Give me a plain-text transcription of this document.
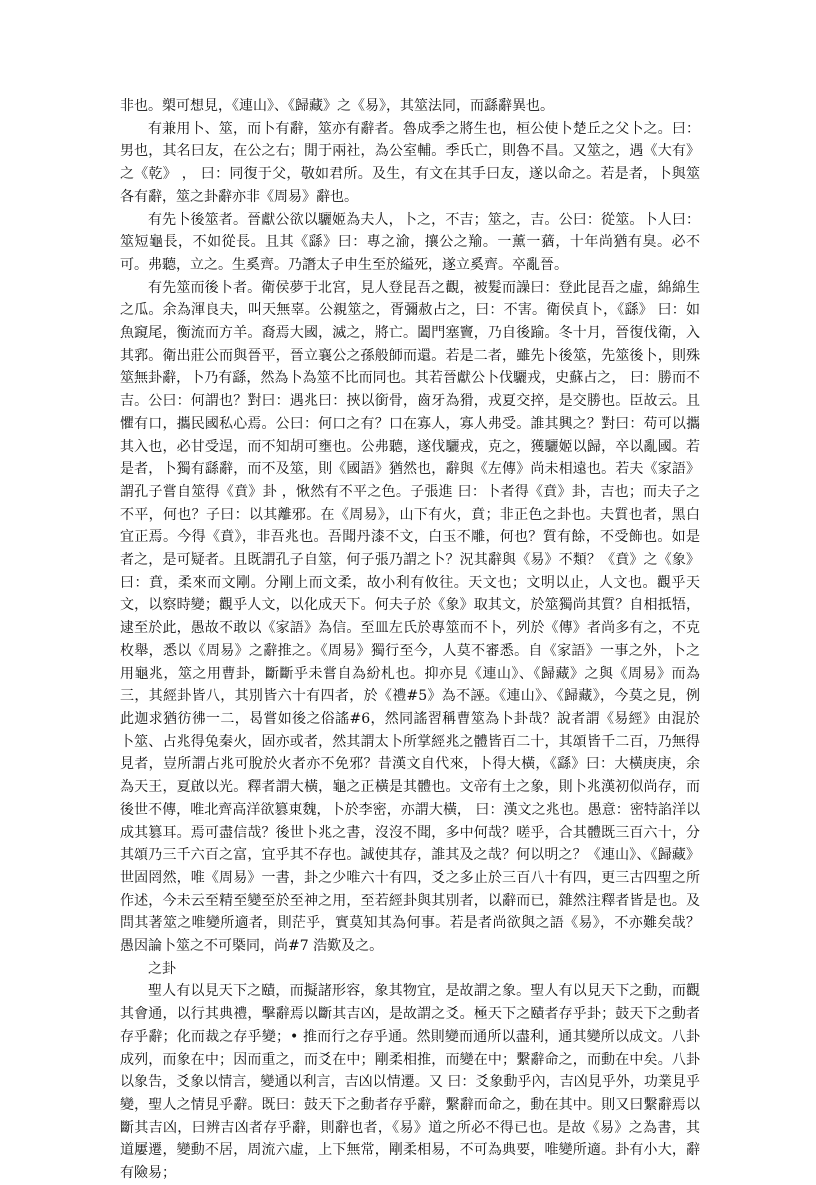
非也。槊可想見，《連山》、《歸藏》之《易》，其筮法同，而繇辭異也。

有兼用卜、筮，而卜有辭，筮亦有辭者。魯成季之將生也，桓公使卜楚丘之父卜之。曰：男也，其名曰友，在公之右；閒于兩社，為公室輔。季氏亡，則魯不昌。又筮之，遇《大有》之《乾》 ， 曰：同復于父，敬如君所。及生，有文在其手曰友，遂以命之。若是者，卜與筮各有辭，筮之卦辭亦非《周易》辭也。

有先卜後筮者。晉獻公欲以驪姬為夫人，卜之，不吉；筮之，吉。公曰：從筮。卜人曰：筮短龜長，不如從長。且其《繇》曰：專之渝，攘公之羭。一薰一蕕，十年尚猶有臭。必不可。弗聽，立之。生奚齊。乃譖太子申生至於縊死，遂立奚齊。卒亂晉。

有先筮而後卜者。衛侯夢于北宮，見人登昆吾之觀，被髮而譟曰：登此昆吾之虛，綿綿生之瓜。余為渾良夫，叫天無辜。公親筮之，胥彌赦占之，曰：不害。衛侯貞卜，《繇》 曰：如魚竀尾，衡流而方羊。裔焉大國，滅之，將亡。闔門塞竇，乃自後踰。冬十月，晉復伐衛，入其郛。衛出莊公而與晉平，晉立襄公之孫般師而還。若是二者，雖先卜後筮，先筮後卜，則殊筮無卦辭，卜乃有繇，然為卜為筮不比而同也。其若晉獻公卜伐驪戎，史蘇占之， 曰：勝而不吉。公曰：何謂也？對曰：遇兆曰：挾以銜骨，齒牙為猾，戎夏交捽，是交勝也。臣故云。且懼有口，攜民國私心焉。公曰：何口之有？口在寡人，寡人弗受。誰其興之？對曰：苟可以攜其入也，必甘受逞，而不知胡可壅也。公弗聽，遂伐驪戎，克之，獲驪姬以歸，卒以亂國。若是者，卜獨有繇辭，而不及筮，則《國語》猶然也，辭與《左傳》尚未相遠也。若夫《家語》謂孔子嘗自筮得《賁》卦 ，愀然有不平之色。子張進 曰：卜者得《賁》卦，吉也；而夫子之不平，何也？子曰：以其離邪。在《周易》，山下有火，賁；非正色之卦也。夫質也者，黑白宜正焉。今得《賁》，非吾兆也。吾聞丹漆不文，白玉不雕，何也？質有餘，不受飾也。如是者之，是可疑者。且既謂孔子自筮，何子張乃謂之卜？況其辭與《易》不類？《賁》之《象》 曰：賁，柔來而文剛。分剛上而文柔，故小利有攸往。天文也；文明以止，人文也。觀乎天文，以察時變；觀乎人文，以化成天下。何夫子於《象》取其文，於筮獨尚其質？自相抵牾，逮至於此，愚故不敢以《家語》為信。至皿左氏於專筮而不卜，列於《傳》者尚多有之，不克枚舉，悉以《周易》之辭推之。《周易》獨行至今，人莫不審悉。自《家語》一事之外，卜之用龜兆，筮之用曹卦，斷斷乎未嘗自為紛札也。抑亦見《連山》、《歸藏》之與《周易》而為三，其經卦皆八，其別皆六十有四者，於《禮#5》為不誣。《連山》、《歸藏》，今莫之見，例此迦求猶彷彿一二，曷嘗如後之俗謠#6，然同謠習稱曹筮為卜卦哉？說者謂《易經》由混於卜筮、占兆得兔秦火，固亦或者，然其謂太卜所掌經兆之體皆百二十，其頌皆千二百，乃無得見者，豈所謂占兆可脫於火者亦不免邪？昔漢文自代來，卜得大橫，《繇》曰：大橫庚庚，余為天王，夏啟以光。釋者謂大橫，龜之正橫是其體也。文帝有土之象，則卜兆漢初似尚存，而後世不傳，唯北齊高洋欲篡東魏，卜於李密，亦謂大橫， 曰：漢文之兆也。愚意：密特諂洋以成其篡耳。焉可盡信哉？後世卜兆之書，沒沒不聞，多中何哉？嗟乎，合其體既三百六十，分其頌乃三千六百之富，宜乎其不存也。誠使其存，誰其及之哉？何以明之？《連山》、《歸藏》世固罔然，唯《周易》一書，卦之少唯六十有四，爻之多止於三百八十有四，更三古四聖之所作述，今未云至精至變至於至神之用，至若經卦與其別者，以辭而已，雜然注釋者皆是也。及問其著筮之唯變所適者，則茫乎，實莫知其為何事。若是者尚欲與之語《易》，不亦難矣哉？愚因論卜筮之不可槩同，尚#7 浩歎及之。

之卦

聖人有以見天下之賾，而擬諸形容，象其物宜，是故謂之象。聖人有以見天下之動，而觀其會通，以行其典禮，擊辭焉以斷其吉凶，是故謂之爻。極天下之賾者存乎卦；鼓天下之動者存乎辭；化而裁之存乎變；• 推而行之存乎通。然則變而通所以盡利，通其變所以成文。八卦成列，而象在中；因而重之，而爻在中；剛柔相推，而變在中；繫辭命之，而動在中矣。八卦以象告，爻象以情言，變通以利言，吉凶以情遷。又 曰：爻象動乎內，吉凶見乎外，功業見乎變，聖人之情見乎辭。既曰：鼓天下之動者存乎辭，繫辭而命之，動在其中。則又曰繫辭焉以斷其吉凶，曰辨吉凶者存乎辭，則辭也者，《易》道之所必不得已也。是故《易》之為書，其道屢遷，變動不居，周流六虛，上下無常，剛柔相易，不可為典要，唯變所適。卦有小大，辭有險易；
